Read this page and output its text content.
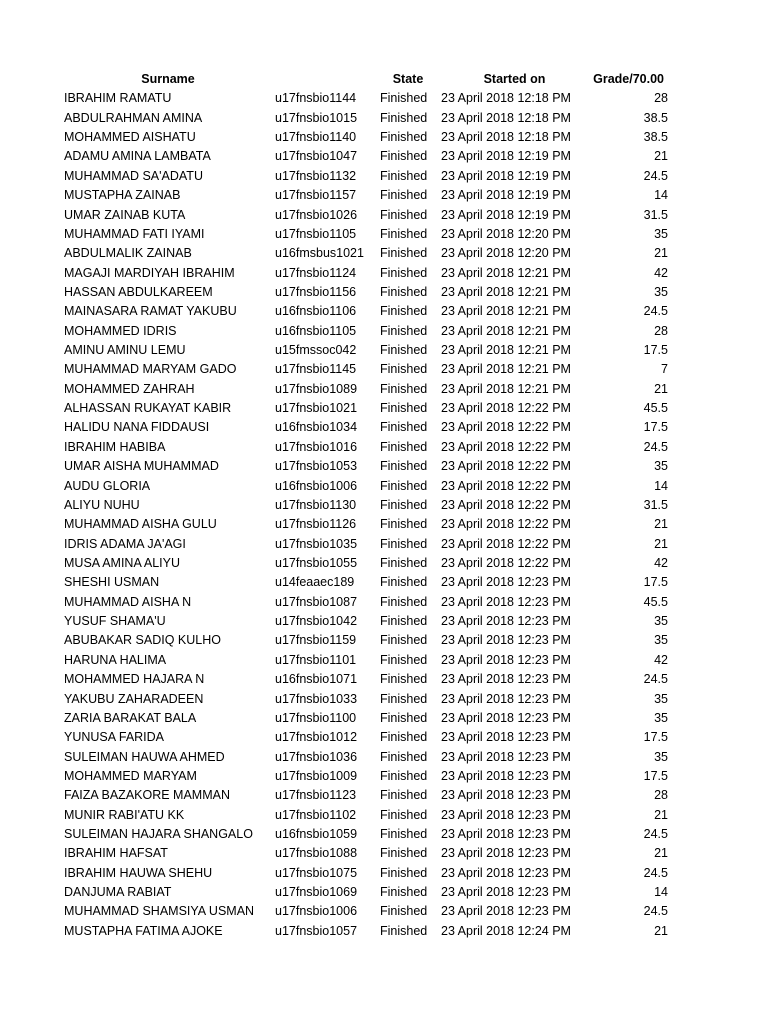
Surname	State	Started on	Grade/70.00
IBRAHIM RAMATU	u17fnsbio1144 Finished 23 April 2018 12:18 PM	28
ABDULRAHMAN AMINA	u17fnsbio1015 Finished 23 April 2018 12:18 PM	38.5
MOHAMMED AISHATU	u17fnsbio1140 Finished 23 April 2018 12:18 PM	38.5
ADAMU AMINA LAMBATA	u17fnsbio1047 Finished 23 April 2018 12:19 PM	21
MUHAMMAD SA'ADATU	u17fnsbio1132 Finished 23 April 2018 12:19 PM	24.5
MUSTAPHA ZAINAB	u17fnsbio1157 Finished 23 April 2018 12:19 PM	14
UMAR ZAINAB KUTA	u17fnsbio1026 Finished 23 April 2018 12:19 PM	31.5
MUHAMMAD FATI IYAMI	u17fnsbio1105 Finished 23 April 2018 12:20 PM	35
ABDULMALIK ZAINAB	u16fmsbus1021 Finished 23 April 2018 12:20 PM	21
MAGAJI MARDIYAH IBRAHIM	u17fnsbio1124 Finished 23 April 2018 12:21 PM	42
HASSAN ABDULKAREEM	u17fnsbio1156 Finished 23 April 2018 12:21 PM	35
MAINASARA RAMAT YAKUBU	u16fnsbio1106 Finished 23 April 2018 12:21 PM	24.5
MOHAMMED IDRIS	u16fnsbio1105 Finished 23 April 2018 12:21 PM	28
AMINU AMINU LEMU	u15fmssoc042 Finished 23 April 2018 12:21 PM	17.5
MUHAMMAD MARYAM GADO	u17fnsbio1145 Finished 23 April 2018 12:21 PM	7
MOHAMMED ZAHRAH	u17fnsbio1089 Finished 23 April 2018 12:21 PM	21
ALHASSAN RUKAYAT KABIR	u17fnsbio1021 Finished 23 April 2018 12:22 PM	45.5
HALIDU NANA FIDDAUSI	u16fnsbio1034 Finished 23 April 2018 12:22 PM	17.5
IBRAHIM HABIBA	u17fnsbio1016 Finished 23 April 2018 12:22 PM	24.5
UMAR AISHA MUHAMMAD	u17fnsbio1053 Finished 23 April 2018 12:22 PM	35
AUDU GLORIA	u16fnsbio1006 Finished 23 April 2018 12:22 PM	14
ALIYU NUHU	u17fnsbio1130 Finished 23 April 2018 12:22 PM	31.5
MUHAMMAD AISHA GULU	u17fnsbio1126 Finished 23 April 2018 12:22 PM	21
IDRIS ADAMA JA'AGI	u17fnsbio1035 Finished 23 April 2018 12:22 PM	21
MUSA AMINA ALIYU	u17fnsbio1055 Finished 23 April 2018 12:22 PM	42
SHESHI USMAN	u14feaaec189 Finished 23 April 2018 12:23 PM	17.5
MUHAMMAD AISHA N	u17fnsbio1087 Finished 23 April 2018 12:23 PM	45.5
YUSUF SHAMA'U	u17fnsbio1042 Finished 23 April 2018 12:23 PM	35
ABUBAKAR SADIQ KULHO	u17fnsbio1159 Finished 23 April 2018 12:23 PM	35
HARUNA HALIMA	u17fnsbio1101 Finished 23 April 2018 12:23 PM	42
MOHAMMED HAJARA N	u16fnsbio1071 Finished 23 April 2018 12:23 PM	24.5
YAKUBU ZAHARADEEN	u17fnsbio1033 Finished 23 April 2018 12:23 PM	35
ZARIA BARAKAT BALA	u17fnsbio1100 Finished 23 April 2018 12:23 PM	35
YUNUSA FARIDA	u17fnsbio1012 Finished 23 April 2018 12:23 PM	17.5
SULEIMAN HAUWA AHMED	u17fnsbio1036 Finished 23 April 2018 12:23 PM	35
MOHAMMED MARYAM	u17fnsbio1009 Finished 23 April 2018 12:23 PM	17.5
FAIZA BAZAKORE MAMMAN	u17fnsbio1123 Finished 23 April 2018 12:23 PM	28
MUNIR RABI'ATU KK	u17fnsbio1102 Finished 23 April 2018 12:23 PM	21
SULEIMAN HAJARA SHANGALO u16fnsbio1059 Finished 23 April 2018 12:23 PM	24.5
IBRAHIM HAFSAT	u17fnsbio1088 Finished 23 April 2018 12:23 PM	21
IBRAHIM HAUWA SHEHU	u17fnsbio1075 Finished 23 April 2018 12:23 PM	24.5
DANJUMA RABIAT	u17fnsbio1069 Finished 23 April 2018 12:23 PM	14
MUHAMMAD SHAMSIYA USMAN u17fnsbio1006 Finished 23 April 2018 12:23 PM	24.5
MUSTAPHA FATIMA AJOKE	u17fnsbio1057 Finished 23 April 2018 12:24 PM	21
